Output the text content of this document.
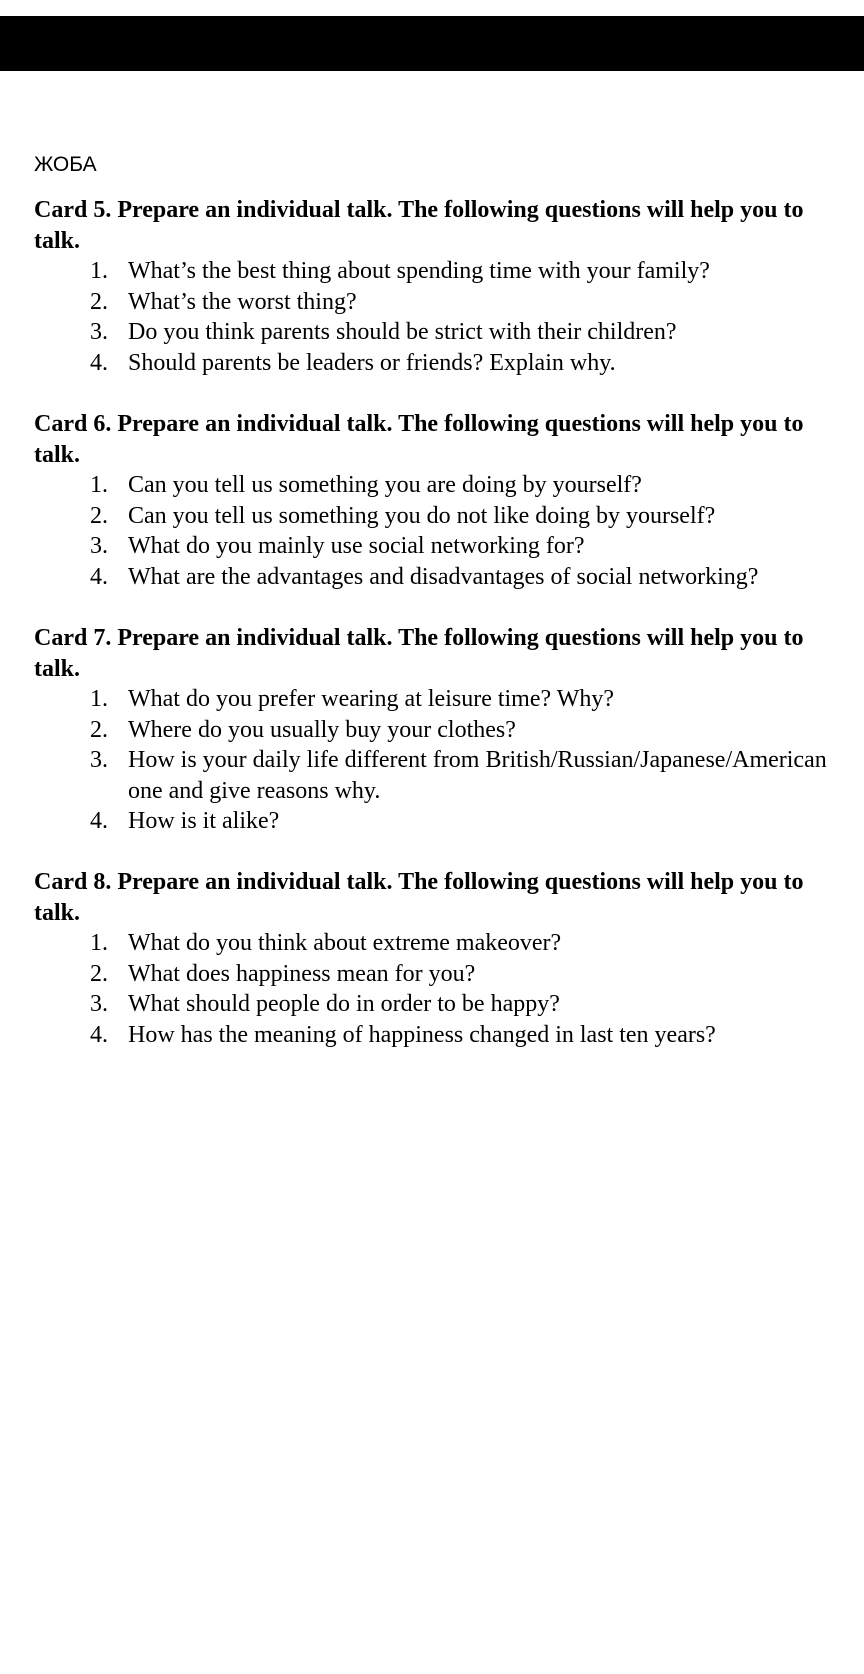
ЖОБА
Card 5. Prepare an individual talk. The following questions will help you to
talk.
1. What’s the best thing about spending time with your family?
2. What’s the worst thing?
3. Do you think parents should be strict with their children?
4. Should parents be leaders or friends? Explain why.
Card 6. Prepare an individual talk. The following questions will help you to
talk.
1. Can you tell us something you are doing by yourself?
2. Can you tell us something you do not like doing by yourself?
3. What do you mainly use social networking for?
4. What are the advantages and disadvantages of social networking?
Card 7. Prepare an individual talk. The following questions will help you to
talk.
1. What do you prefer wearing at leisure time? Why?
2. Where do you usually buy your clothes?
3. How is your daily life different from British/Russian/Japanese/American
one and give reasons why.
4. How is it alike?
Card 8. Prepare an individual talk. The following questions will help you to
talk.
1. What do you think about extreme makeover?
2. What does happiness mean for you?
3. What should people do in order to be happy?
4. How has the meaning of happiness changed in last ten years?
